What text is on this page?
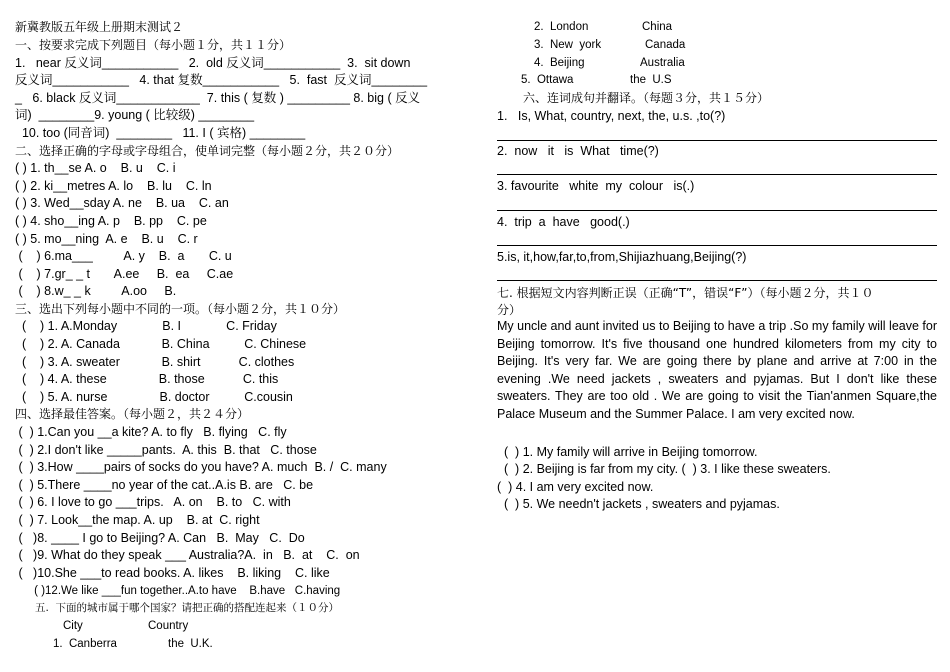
新冀教版五年级上册期末测试２
一、按要求完成下列题目（每小题１分，共１１分）
1.   near 反义词___________   2.  old 反义词___________  3.  sit down
反义词___________   4. that 复数___________   5.  fast  反义词________
_   6. black 反义词____________  7. this ( 复数 ) _________ 8. big ( 反义
词)  ________9. young ( 比较级) ________
10. too (同音词)  ________   11. I ( 宾格) ________
二、选择正确的字母或字母组合，使单词完整（每小题２分，共２０分）
( ) 1. th__se A. o    B. u    C. i
( ) 2. ki__metres A. lo    B. lu    C. ln
( ) 3. Wed__sday A. ne    B. ua    C. an
( ) 4. sho__ing A. p    B. pp    C. pe
( ) 5. mo__ning  A. e    B. u    C. r
(    ) 6.ma___         A. y    B.  a       C. u
(    ) 7.gr_ _ t       A.ee     B.  ea     C.ae
(    ) 8.w_ _ k         A.oo     B.
三、选出下列每小题中不同的一项。（每小题２分，共１０分）
(    ) 1. A.Monday             B. I             C. Friday
(    ) 2. A. Canada            B. China          C. Chinese
(    ) 3. A. sweater            B. shirt           C. clothes
(    ) 4. A. these               B. those           C. this
(    ) 5. A. nurse               B. doctor          C.cousin
四、选择最佳答案。（每小题２，共２４分）
(  ) 1.Can you __a kite? A. to fly   B. flying   C. fly
(  ) 2.I don't like _____pants.  A. this  B. that   C. those
(  ) 3.How ____pairs of socks do you have? A. much  B. /  C. many
(  ) 5.There ____no year of the cat..A.is B. are   C. be
(  ) 6. I love to go ___trips.   A. on    B. to   C. with
(  ) 7. Look__the map. A. up    B. at  C. right
(   )8. ____ I go to Beijing? A. Can   B.  May   C.  Do
(   )9. What do they speak ___ Australia?A.  in   B.  at    C.  on
(   )10.She ___to read books. A. likes    B. liking    C. like
( )12.We like ___fun together..A.to have    B.have   C.having
五.  下面的城市属于哪个国家？请把正确的搭配连起来（１０分）
City	Country
1.  Canberra	the  U.K.
2.  London	China
3.  New  york	Canada
4.  Beijing	Australia
5.  Ottawa	the  U.S
六、连词成句并翻译。（每题３分，共１５分）
1.   Is, What, country, next, the, u.s. ,to(?)
2.  now   it   is  What   time(?)
3. favourite   white  my  colour   is(.)
4.  trip  a  have   good(.)
5.is, it,how,far,to,from,Shijiazhuang,Beijing(?)
七. 根据短文内容判断正误（正确“T”，错误“F”）（每小题２分，共１０
分）
My uncle and aunt invited us to Beijing to have a trip .So my family will leave for Beijing tomorrow. It's five thousand one hundred kilometers from my city to Beijing. It's very far. We are going there by plane and arrive at 7:00 in the evening .We need jackets , sweaters and pyjamas. But I don't like these sweaters. They are too old . We are going to visit the Tian'anmen Square,the Palace Museum and the Summer Palace. I am very excited now.
(  ) 1. My family will arrive in Beijing tomorrow.
(  ) 2. Beijing is far from my city. (  ) 3. I like these sweaters.
(  ) 4. I am very excited now.
(  ) 5. We needn't jackets , sweaters and pyjamas.
